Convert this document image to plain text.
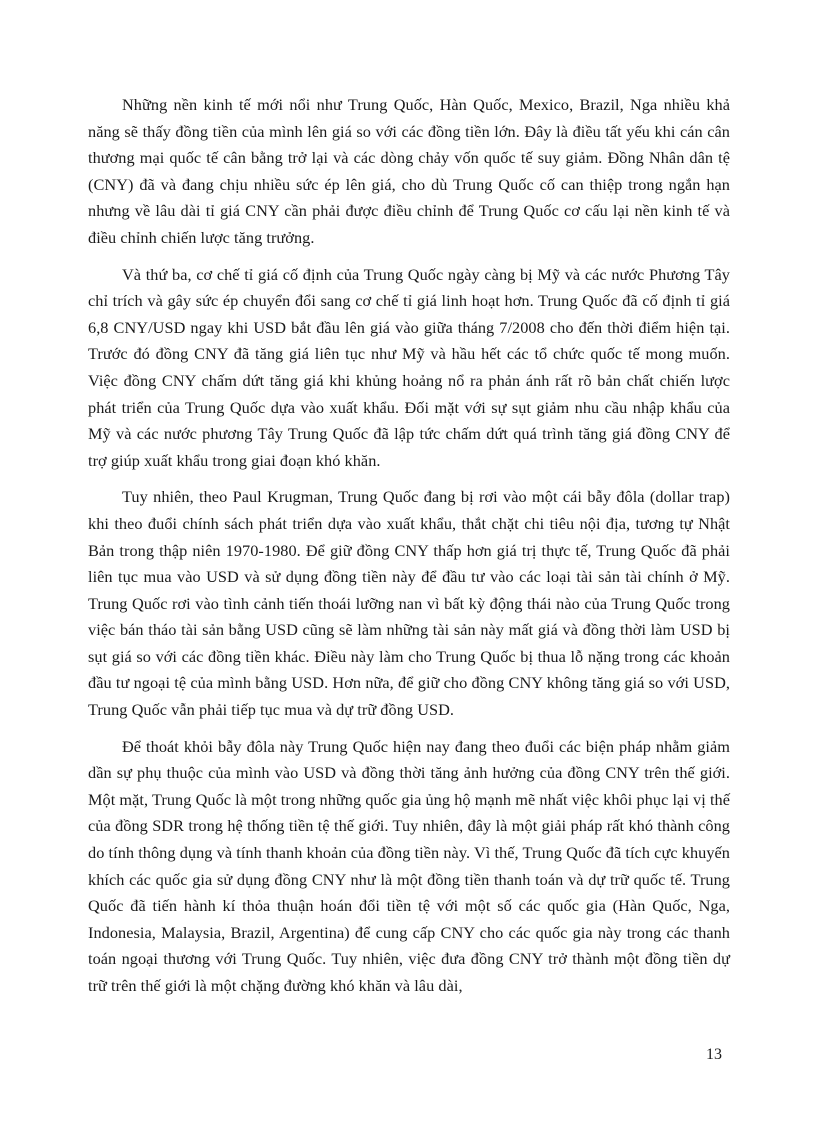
Những nền kinh tế mới nổi như Trung Quốc, Hàn Quốc, Mexico, Brazil, Nga nhiều khả năng sẽ thấy đồng tiền của mình lên giá so với các đồng tiền lớn. Đây là điều tất yếu khi cán cân thương mại quốc tế cân bằng trở lại và các dòng chảy vốn quốc tế suy giảm. Đồng Nhân dân tệ (CNY) đã và đang chịu nhiều sức ép lên giá, cho dù Trung Quốc cố can thiệp trong ngắn hạn nhưng về lâu dài tỉ giá CNY cần phải được điều chỉnh để Trung Quốc cơ cấu lại nền kinh tế và điều chỉnh chiến lược tăng trưởng.

Và thứ ba, cơ chế tỉ giá cố định của Trung Quốc ngày càng bị Mỹ và các nước Phương Tây chỉ trích và gây sức ép chuyển đổi sang cơ chế tỉ giá linh hoạt hơn. Trung Quốc đã cố định tỉ giá 6,8 CNY/USD ngay khi USD bắt đầu lên giá vào giữa tháng 7/2008 cho đến thời điểm hiện tại. Trước đó đồng CNY đã tăng giá liên tục như Mỹ và hầu hết các tổ chức quốc tế mong muốn. Việc đồng CNY chấm dứt tăng giá khi khủng hoảng nổ ra phản ánh rất rõ bản chất chiến lược phát triển của Trung Quốc dựa vào xuất khẩu. Đối mặt với sự sụt giảm nhu cầu nhập khẩu của Mỹ và các nước phương Tây Trung Quốc đã lập tức chấm dứt quá trình tăng giá đồng CNY để trợ giúp xuất khẩu trong giai đoạn khó khăn.

Tuy nhiên, theo Paul Krugman, Trung Quốc đang bị rơi vào một cái bẫy đôla (dollar trap) khi theo đuổi chính sách phát triển dựa vào xuất khẩu, thắt chặt chi tiêu nội địa, tương tự Nhật Bản trong thập niên 1970-1980. Để giữ đồng CNY thấp hơn giá trị thực tế, Trung Quốc đã phải liên tục mua vào USD và sử dụng đồng tiền này để đầu tư vào các loại tài sản tài chính ở Mỹ. Trung Quốc rơi vào tình cảnh tiến thoái lưỡng nan vì bất kỳ động thái nào của Trung Quốc trong việc bán tháo tài sản bằng USD cũng sẽ làm những tài sản này mất giá và đồng thời làm USD bị sụt giá so với các đồng tiền khác. Điều này làm cho Trung Quốc bị thua lỗ nặng trong các khoản đầu tư ngoại tệ của mình bằng USD. Hơn nữa, để giữ cho đồng CNY không tăng giá so với USD, Trung Quốc vẫn phải tiếp tục mua và dự trữ đồng USD.

Để thoát khỏi bẫy đôla này Trung Quốc hiện nay đang theo đuổi các biện pháp nhằm giảm dần sự phụ thuộc của mình vào USD và đồng thời tăng ảnh hưởng của đồng CNY trên thế giới. Một mặt, Trung Quốc là một trong những quốc gia ủng hộ mạnh mẽ nhất việc khôi phục lại vị thế của đồng SDR trong hệ thống tiền tệ thế giới. Tuy nhiên, đây là một giải pháp rất khó thành công do tính thông dụng và tính thanh khoản của đồng tiền này. Vì thế, Trung Quốc đã tích cực khuyến khích các quốc gia sử dụng đồng CNY như là một đồng tiền thanh toán và dự trữ quốc tế. Trung Quốc đã tiến hành kí thỏa thuận hoán đổi tiền tệ với một số các quốc gia (Hàn Quốc, Nga, Indonesia, Malaysia, Brazil, Argentina) để cung cấp CNY cho các quốc gia này trong các thanh toán ngoại thương với Trung Quốc. Tuy nhiên, việc đưa đồng CNY trở thành một đồng tiền dự trữ trên thế giới là một chặng đường khó khăn và lâu dài,

13
